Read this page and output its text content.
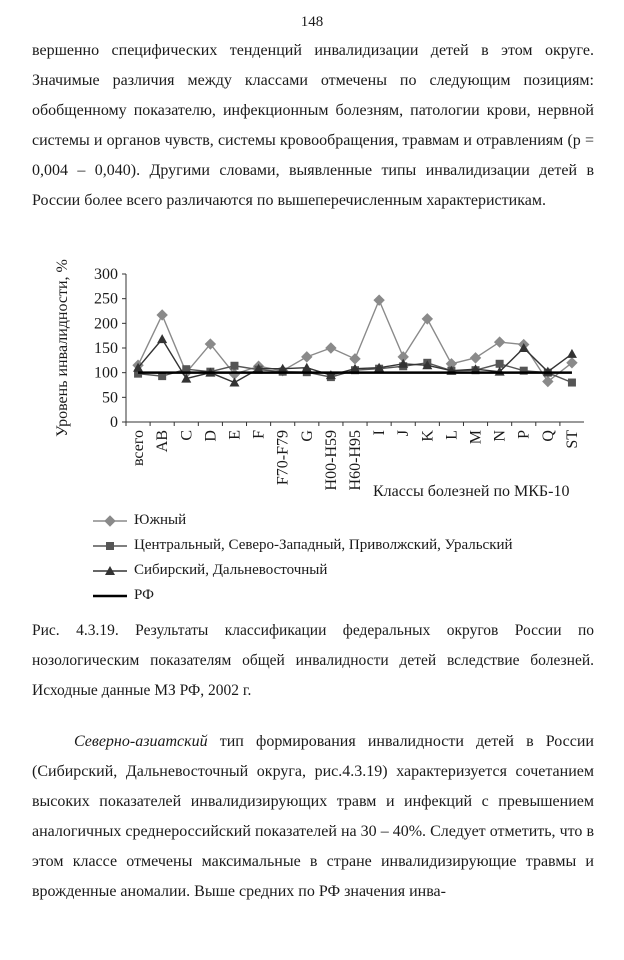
148

вершенно специфических тенденций инвалидизации детей в этом округе. Значимые различия между классами отмечены по следующим позициям: обобщенному показателю, инфекционным болезням, патологии крови, нервной системы и органов чувств, системы кровообращения, травмам и отравлениям (p = 0,004 – 0,040). Другими словами, выявленные типы инвалидизации детей в России более всего различаются по вышеперечисленным характеристикам.

0
50
100
150
200
250
300
всего AB C D E F F70-F79 G H00-H59 H60-H95 I J K L M N P Q ST
Уровень инвалидности, %
Классы болезней по МКБ-10
Южный
Центральный, Северо-Западный, Приволжский, Уральский
Сибирский, Дальневосточный
РФ

Рис. 4.3.19. Результаты классификации федеральных округов России по нозологическим показателям общей инвалидности детей вследствие болезней. Исходные данные МЗ РФ, 2002 г.

Северно-азиатский тип формирования инвалидности детей в России (Сибирский, Дальневосточный округа, рис.4.3.19) характеризуется сочетанием высоких показателей инвалидизирующих травм и инфекций с превышением аналогичных среднероссийский показателей на 30 – 40%. Следует отметить, что в этом классе отмечены максимальные в стране инвалидизирующие травмы и врожденные аномалии. Выше средних по РФ значения инва-
